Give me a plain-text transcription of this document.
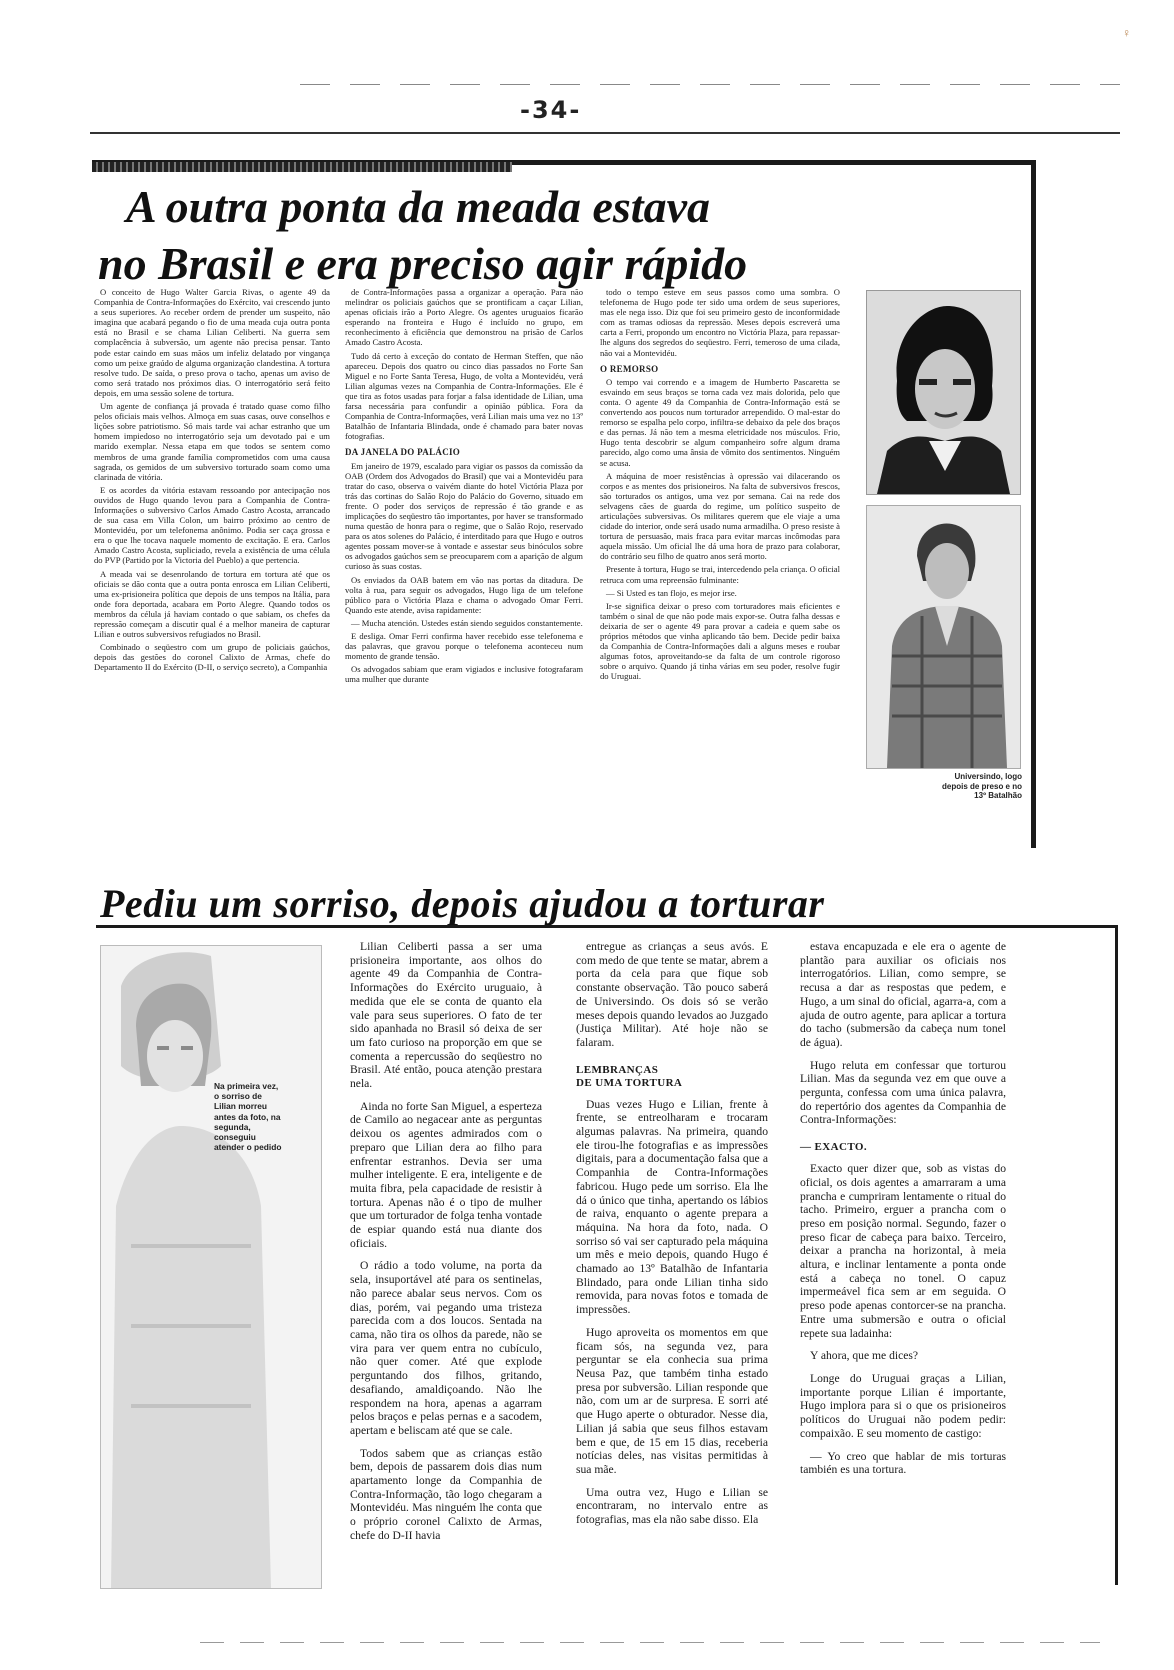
♀
-34-
A outra ponta da meada estava
no Brasil e era preciso agir rápido

O conceito de Hugo Walter Garcia Rivas, o agente 49 da Companhia de Contra-Informações do Exército, vai crescendo junto a seus superiores. Ao receber ordem de prender um suspeito, não imagina que acabará pegando o fio de uma meada cuja outra ponta está no Brasil e se chama Lilian Celiberti. Na guerra sem complacência à subversão, um agente não precisa pensar. Tanto pode estar caindo em suas mãos um infeliz delatado por vingança como um peixe graúdo de alguma organização clandestina. A tortura resolve tudo. De saída, o preso prova o tacho, apenas um aviso de como será tratado nos próximos dias. O interrogatório será feito depois, em uma sessão solene de tortura.

Um agente de confiança já provada é tratado quase como filho pelos oficiais mais velhos. Almoça em suas casas, ouve conselhos e lições sobre patriotismo. Só mais tarde vai achar estranho que um homem impiedoso no interrogatório seja um devotado pai e um marido exemplar. Nessa etapa em que todos se sentem como membros de uma grande família comprometidos com uma causa sagrada, os gemidos de um subversivo torturado soam como uma clarinada de vitória.

E os acordes da vitória estavam ressoando por antecipação nos ouvidos de Hugo quando levou para a Companhia de Contra-Informações o subversivo Carlos Amado Castro Acosta, arrancado de sua casa em Villa Colon, um bairro próximo ao centro de Montevidéu, por um telefonema anônimo. Podia ser caça grossa e era o que lhe tocava naquele momento de excitação. E era. Carlos Amado Castro Acosta, supliciado, revela a existência de uma célula do PVP (Partido por la Victoria del Pueblo) a que pertencia.

A meada vai se desenrolando de tortura em tortura até que os oficiais se dão conta que a outra ponta enrosca em Lilian Celiberti, uma ex-prisioneira política que depois de uns tempos na Itália, para onde fora deportada, acabara em Porto Alegre. Quando todos os membros da célula já haviam contado o que sabiam, os chefes da repressão começam a discutir qual é a melhor maneira de capturar Lilian e outros subversivos refugiados no Brasil.

Combinado o seqüestro com um grupo de policiais gaúchos, depois das gestões do coronel Calixto de Armas, chefe do Departamento II do Exército (D-II, o serviço secreto), a Companhia

de Contra-Informações passa a organizar a operação. Para não melindrar os policiais gaúchos que se prontificam a caçar Lilian, apenas oficiais irão a Porto Alegre. Os agentes uruguaios ficarão esperando na fronteira e Hugo é incluído no grupo, em reconhecimento à eficiência que demonstrou na prisão de Carlos Amado Castro Acosta.

Tudo dá certo à exceção do contato de Herman Steffen, que não apareceu. Depois dos quatro ou cinco dias passados no Forte San Miguel e no Forte Santa Teresa, Hugo, de volta a Montevidéu, verá Lilian algumas vezes na Companhia de Contra-Informações. Ele é que tira as fotos usadas para forjar a falsa identidade de Lilian, uma farsa necessária para confundir a opinião pública. Fora da Companhia de Contra-Informações, verá Lilian mais uma vez no 13º Batalhão de Infantaria Blindada, onde é chamado para bater novas fotografias.

DA JANELA DO PALÁCIO

Em janeiro de 1979, escalado para vigiar os passos da comissão da OAB (Ordem dos Advogados do Brasil) que vai a Montevidéu para tratar do caso, observa o vaivém diante do hotel Victória Plaza por trás das cortinas do Salão Rojo do Palácio do Governo, situado em frente. O poder dos serviços de repressão é tão grande e as implicações do seqüestro tão importantes, por haver se transformado numa questão de honra para o regime, que o Salão Rojo, reservado para os atos solenes do Palácio, é interditado para que Hugo e outros agentes possam mover-se à vontade e assestar seus binóculos sobre os advogados gaúchos sem se preocuparem com a aparição de algum curioso às suas costas.

Os enviados da OAB batem em vão nas portas da ditadura. De volta à rua, para seguir os advogados, Hugo liga de um telefone público para o Victória Plaza e chama o advogado Omar Ferri. Quando este atende, avisa rapidamente:

— Mucha atención. Ustedes están siendo seguidos constantemente.

E desliga. Omar Ferri confirma haver recebido esse telefonema e das palavras, que gravou porque o telefonema aconteceu num momento de grande tensão.

Os advogados sabiam que eram vigiados e inclusive fotografaram uma mulher que durante

todo o tempo esteve em seus passos como uma sombra. O telefonema de Hugo pode ter sido uma ordem de seus superiores, mas ele nega isso. Diz que foi seu primeiro gesto de inconformidade com as tramas odiosas da repressão. Meses depois escreverá uma carta a Ferri, propondo um encontro no Victória Plaza, para repassar-lhe alguns dos segredos do seqüestro. Ferri, temeroso de uma cilada, não vai a Montevidéu.

O REMORSO

O tempo vai correndo e a imagem de Humberto Pascaretta se esvaindo em seus braços se torna cada vez mais dolorida, pelo que conta. O agente 49 da Companhia de Contra-Informação está se convertendo aos poucos num torturador arrependido. O mal-estar do remorso se espalha pelo corpo, infiltra-se debaixo da pele dos braços e das pernas. Já não tem a mesma eletricidade nos músculos. Frio, Hugo tenta descobrir se algum companheiro sofre algum drama parecido, algo como uma ânsia de vômito dos sentimentos. Ninguém se acusa.

A máquina de moer resistências à opressão vai dilacerando os corpos e as mentes dos prisioneiros. Na falta de subversivos frescos, são torturados os antigos, uma vez por semana. Cai na rede dos selvagens cães de guarda do regime, um político suspeito de articulações subversivas. Os militares querem que ele viaje a uma cidade do interior, onde será usado numa armadilha. O preso resiste à tortura de persuasão, mais fraca para evitar marcas incômodas para aquela missão. Um oficial lhe dá uma hora de prazo para colaborar, do contrário seu filho de quatro anos será morto.

Presente à tortura, Hugo se trai, intercedendo pela criança. O oficial retruca com uma repreensão fulminante:

— Si Usted es tan flojo, es mejor irse.

Ir-se significa deixar o preso com torturadores mais eficientes e também o sinal de que não pode mais expor-se. Outra falha dessas e deixaria de ser o agente 49 para provar a cadeia e quem sabe os próprios métodos que vinha aplicando tão bem. Decide pedir baixa da Companhia de Contra-Informações dali a alguns meses e roubar algumas fotos, aproveitando-se da falta de um controle rigoroso sobre o arquivo. Quando já tinha várias em seu poder, resolve fugir do Uruguai.

Universindo, logo depois de preso e no 13º Batalhão
Pediu um sorriso, depois ajudou a torturar
Na primeira vez, o sorriso de Lilian morreu antes da foto, na segunda, conseguiu atender o pedido

Lilian Celiberti passa a ser uma prisioneira importante, aos olhos do agente 49 da Companhia de Contra-Informações do Exército uruguaio, à medida que ele se conta de quanto ela vale para seus superiores. O fato de ter sido apanhada no Brasil só deixa de ser um fato curioso na proporção em que se comenta a repercussão do seqüestro no Brasil. Até então, pouca atenção prestara nela.

Ainda no forte San Miguel, a esperteza de Camilo ao negacear ante as perguntas deixou os agentes admirados com o preparo que Lilian dera ao filho para enfrentar estranhos. Devia ser uma mulher inteligente. E era, inteligente e de muita fibra, pela capacidade de resistir à tortura. Apenas não é o tipo de mulher que um torturador de folga tenha vontade de espiar quando está nua diante dos oficiais.

O rádio a todo volume, na porta da sela, insuportável até para os sentinelas, não parece abalar seus nervos. Com os dias, porém, vai pegando uma tristeza parecida com a dos loucos. Sentada na cama, não tira os olhos da parede, não se vira para ver quem entra no cubículo, não quer comer. Até que explode perguntando dos filhos, gritando, desafiando, amaldiçoando. Não lhe respondem na hora, apenas a agarram pelos braços e pelas pernas e a sacodem, apertam e beliscam até que se cale.

Todos sabem que as crianças estão bem, depois de passarem dois dias num apartamento longe da Companhia de Contra-Informação, tão logo chegaram a Montevidéu. Mas ninguém lhe conta que o próprio coronel Calixto de Armas, chefe do D-II havia

entregue as crianças a seus avós. E com medo de que tente se matar, abrem a porta da cela para que fique sob constante observação. Tão pouco saberá de Universindo. Os dois só se verão meses depois quando levados ao Juzgado (Justiça Militar). Até hoje não se falaram.

LEMBRANÇAS
DE UMA TORTURA

Duas vezes Hugo e Lilian, frente à frente, se entreolharam e trocaram algumas palavras. Na primeira, quando ele tirou-lhe fotografias e as impressões digitais, para a documentação falsa que a Companhia de Contra-Informações fabricou. Hugo pede um sorriso. Ela lhe dá o único que tinha, apertando os lábios de raiva, enquanto o agente prepara a máquina. Na hora da foto, nada. O sorriso só vai ser capturado pela máquina um mês e meio depois, quando Hugo é chamado ao 13º Batalhão de Infantaria Blindado, para onde Lilian tinha sido removida, para novas fotos e tomada de impressões.

Hugo aproveita os momentos em que ficam sós, na segunda vez, para perguntar se ela conhecia sua prima Neusa Paz, que também tinha estado presa por subversão. Lilian responde que não, com um ar de surpresa. E sorri até que Hugo aperte o obturador. Nesse dia, Lilian já sabia que seus filhos estavam bem e que, de 15 em 15 dias, receberia notícias deles, nas visitas permitidas à sua mãe.

Uma outra vez, Hugo e Lilian se encontraram, no intervalo entre as fotografias, mas ela não sabe disso. Ela

estava encapuzada e ele era o agente de plantão para auxiliar os oficiais nos interrogatórios. Lilian, como sempre, se recusa a dar as respostas que pedem, e Hugo, a um sinal do oficial, agarra-a, com a ajuda de outro agente, para aplicar a tortura do tacho (submersão da cabeça num tonel de água).

Hugo reluta em confessar que torturou Lilian. Mas da segunda vez em que ouve a pergunta, confessa com uma única palavra, do repertório dos agentes da Companhia de Contra-Informações:

— EXACTO.

Exacto quer dizer que, sob as vistas do oficial, os dois agentes a amarraram a uma prancha e cumpriram lentamente o ritual do tacho. Primeiro, erguer a prancha com o preso em posição normal. Segundo, fazer o preso ficar de cabeça para baixo. Terceiro, deixar a prancha na horizontal, à meia altura, e inclinar lentamente a ponta onde está a cabeça no tonel. O capuz impermeável fica sem ar em seguida. O preso pode apenas contorcer-se na prancha. Entre uma submersão e outra o oficial repete sua ladainha:

Y ahora, que me dices?

Longe do Uruguai graças a Lilian, importante porque Lilian é importante, Hugo implora para si o que os prisioneiros políticos do Uruguai não podem pedir: compaixão. E seu momento de castigo:

— Yo creo que hablar de mis torturas también es una tortura.
